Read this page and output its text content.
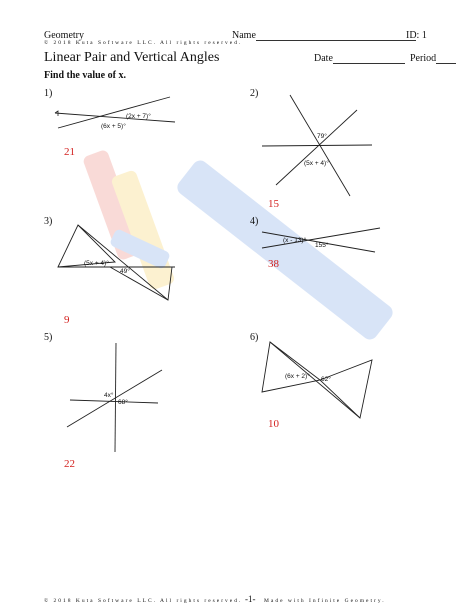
Geometry
© 2018 Kuta Software LLC. All rights reserved.
Linear Pair and Vertical Angles
Name	ID: 1
Date	Period
Find the value of x.
1)	2)
3)	4)
5)	6)
21
15
9
38
22
10
(2x + 7)°
(6x + 5)°
79°
(5x + 4)°
(5x + 4)°
49°
(x - 13)°
155°
4x°
68°
(6x + 2)° 62°
© 2018 Kuta Software LLC. All rights reserved. -1- Made with Infinite Geometry.
